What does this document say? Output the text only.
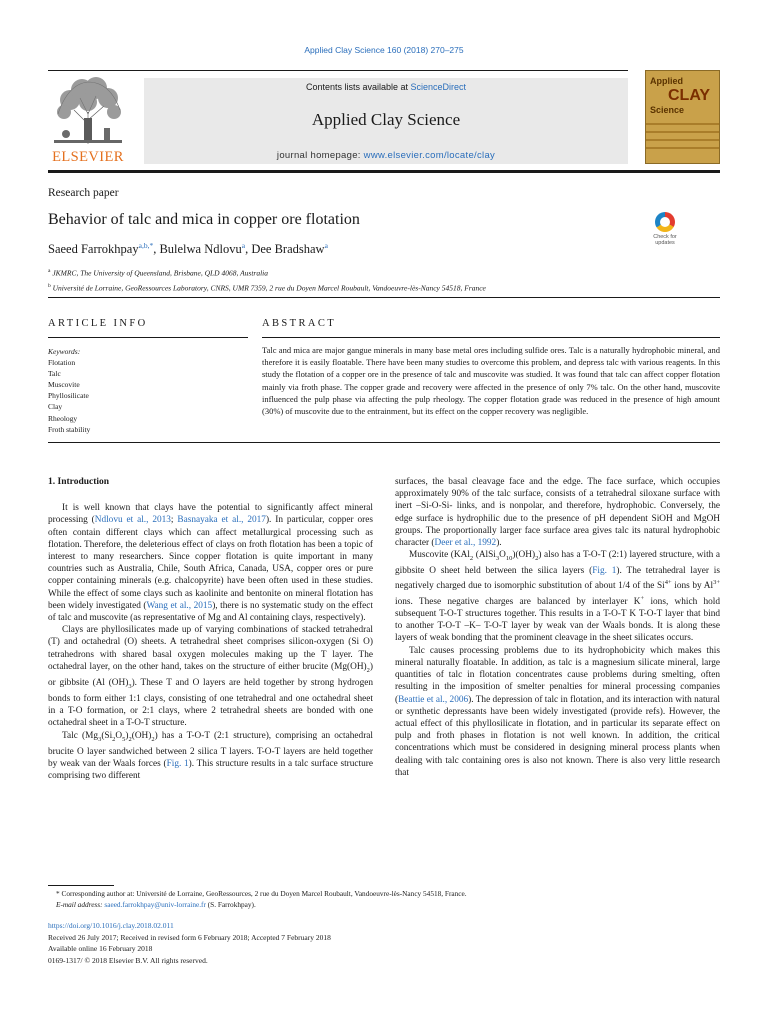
Applied Clay Science 160 (2018) 270–275
ELSEVIER
Contents lists available at ScienceDirect
Applied Clay Science
journal homepage: www.elsevier.com/locate/clay
Applied
CLAY
Science
Research paper
Behavior of talc and mica in copper ore flotation
Saeed Farrokhpay$^{a,b,*}$, Bulelwa Ndlovu$^a$, Dee Bradshaw$^a$
Check for updates
$^a$ JKMRC, The University of Queensland, Brisbane, QLD 4068, Australia
$^b$ Université de Lorraine, GeoRessources Laboratory, CNRS, UMR 7359, 2 rue du Doyen Marcel Roubault, Vandoeuvre-lès-Nancy 54518, France
ARTICLE INFO	ABSTRACT
Keywords:
Flotation
Talc
Muscovite
Phyllosilicate
Clay
Rheology
Froth stability
Talc and mica are major gangue minerals in many base metal ores including sulfide ores. Talc is a naturally hydrophobic mineral, and therefore it is easily floatable. There have been many studies to overcome this problem, and depress talc with various reagents. In this study the flotation of a copper ore in the presence of talc and muscovite was studied. It was found that talc can affect copper flotation mainly via froth phase. The copper grade and recovery were affected in the presence of only 7% talc. On the other hand, muscovite influenced the pulp phase via affecting the pulp rheology. The copper flotation grade was reduced in the presence of high amount (30%) of muscovite due to the entrainment, but its effect on the copper recovery was negligible.
1. Introduction

It is well known that clays have the potential to significantly affect mineral processing (Ndlovu et al., 2013; Basnayaka et al., 2017). In particular, copper ores often contain different clays which can affect metallurgical processing such as flotation. Therefore, the deleterious effect of clays on froth flotation has been a topic of interest to many researchers. Since copper flotation is quite important in many countries such as Australia, Chile, South Africa, Canada, USA, copper ores or pure copper containing minerals (e.g. chalcopyrite) have been often used in these studies. While the effect of some clays such as kaolinite and bentonite on mineral flotation has been widely investigated (Wang et al., 2015), there is no systematic study on the effect of talc and muscovite (as representative of Mg and Al containing clays, respectively).

Clays are phyllosilicates made up of varying combinations of stacked tetrahedral (T) and octahedral (O) sheets. A tetrahedral sheet comprises silicon-oxygen (Si O) tetrahedrons with shared basal oxygen molecules making up the T layer. The octahedral layer, on the other hand, takes on the structure of either brucite $(Mg(OH)_2)$ or gibbsite (Al $(OH)_3$). These T and O layers are held together by strong hydrogen bonds to form either 1:1 clays, consisting of one tetrahedral and one octahedral sheet in a T-O formation, or 2:1 clays, where 2 tetrahedral sheets are bonded with one octahedral sheet in a T-O-T structure.

Talc $(Mg_3(Si_2O_5)_2(OH)_2)$ has a T-O-T (2:1 structure), comprising an octahedral brucite O layer sandwiched between 2 silica T layers. T-O-T layers are held together by weak van der Waals forces (Fig. 1). This structure results in a talc surface structure comprising two different

surfaces, the basal cleavage face and the edge. The face surface, which occupies approximately 90% of the talc surface, consists of a tetrahedral siloxane surface with inert –Si-O-Si- links, and is nonpolar, and therefore, hydrophobic. Conversely, the edge surface is hydrophilic due to the presence of pH dependent SiOH and MgOH groups. The proportionally larger face surface area gives talc its natural hydrophobic character (Deer et al., 1992).

Muscovite (KAl$_2$ $(AlSi_3O_{10})(OH)_2$) also has a T-O-T (2:1) layered structure, with a gibbsite O sheet held between the silica layers (Fig. 1). The tetrahedral layer is negatively charged due to isomorphic substitution of about 1/4 of the $Si^{4+}$ ions by $Al^{3+}$ ions. These negative charges are balanced by interlayer K+ ions, which hold subsequent T-O-T structures together. This results in a T-O-T K T-O-T layer that bind to another T-O-T –K– T-O-T layer by weak van der Waals bonds. It is along these layers of weak bonding that the prominent cleavage in the sheet silicates occurs.

Talc causes processing problems due to its hydrophobicity which makes this mineral naturally floatable. In addition, as talc is a magnesium silicate mineral, large quantities of talc in flotation concentrates cause problems during smelting, often resulting in the imposition of smelter penalties for mineral processing companies (Beattie et al., 2006). The depression of talc in flotation, and its interaction with natural or synthetic depressants have been widely investigated (provide refs). However, the actual effect of this phyllosilicate in flotation, and in particular its separate effect on pulp and froth phases in flotation is not well known. In addition, the critical concentrations which must be considered in designing mineral process plants when dealing with talc containing ores is also not known. There is also very little research that

* Corresponding author at: Université de Lorraine, GeoRessources, 2 rue du Doyen Marcel Roubault, Vandoeuvre-lès-Nancy 54518, France.
E-mail address: saeed.farrokhpay@univ-lorraine.fr (S. Farrokhpay).
https://doi.org/10.1016/j.clay.2018.02.011
Received 26 July 2017; Received in revised form 6 February 2018; Accepted 7 February 2018
Available online 16 February 2018
0169-1317/ © 2018 Elsevier B.V. All rights reserved.
